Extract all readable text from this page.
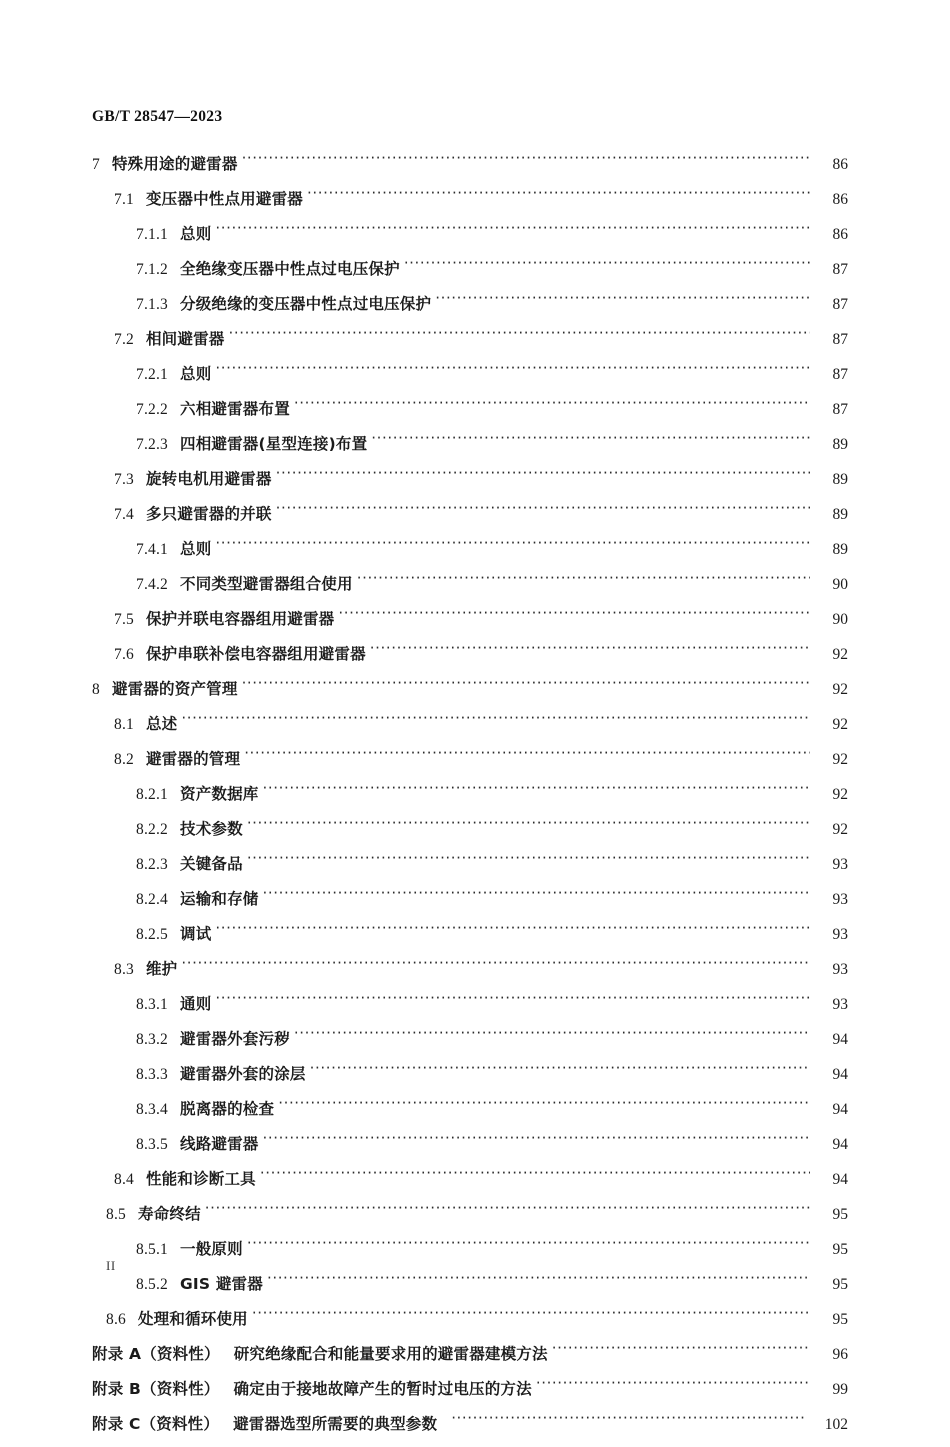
GB/T 28547—2023
7 特殊用途的避雷器 ·····	86
7.1 变压器中性点用避雷器 ·····	86
7.1.1 总则 ·····	86
7.1.2 全绝缘变压器中性点过电压保护 ·····	87
7.1.3 分级绝缘的变压器中性点过电压保护 ·····	87
7.2 相间避雷器 ·····	87
7.2.1 总则 ·····	87
7.2.2 六相避雷器布置 ·····	87
7.2.3 四相避雷器(星型连接)布置 ·····	89
7.3 旋转电机用避雷器 ·····	89
7.4 多只避雷器的并联 ·····	89
7.4.1 总则 ·····	89
7.4.2 不同类型避雷器组合使用 ·····	90
7.5 保护并联电容器组用避雷器 ·····	90
7.6 保护串联补偿电容器组用避雷器 ·····	92
8 避雷器的资产管理 ·····	92
8.1 总述 ·····	92
8.2 避雷器的管理 ·····	92
8.2.1 资产数据库 ·····	92
8.2.2 技术参数 ·····	92
8.2.3 关键备品 ·····	93
8.2.4 运输和存储 ·····	93
8.2.5 调试 ·····	93
8.3 维护 ·····	93
8.3.1 通则 ·····	93
8.3.2 避雷器外套污秽 ·····	94
8.3.3 避雷器外套的涂层 ·····	94
8.3.4 脱离器的检查 ·····	94
8.3.5 线路避雷器 ·····	94
8.4 性能和诊断工具 ·····	94
8.5 寿命终结 ·····	95
8.5.1 一般原则 ·····	95
8.5.2 GIS 避雷器 ·····	95
8.6 处理和循环使用 ·····	95
附录 A（资料性） 研究绝缘配合和能量要求用的避雷器建模方法 ·····	96
附录 B（资料性） 确定由于接地故障产生的暂时过电压的方法 ·····	99
附录 C（资料性） 避雷器选型所需要的典型参数 ·····	102
II
